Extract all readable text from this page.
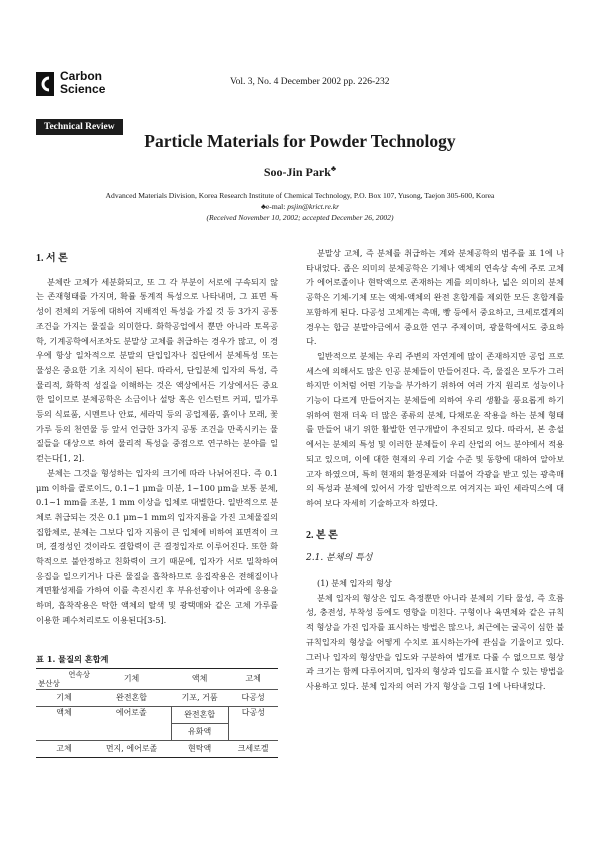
Carbon
Science	Vol. 3, No. 4 December 2002 pp. 226-232
Technical Review
Particle Materials for Powder Technology
Soo-Jin Park♣
Advanced Materials Division, Korea Research Institute of Chemical Technology, P.O. Box 107, Yusong, Taejon 305-600, Korea
♣e-mal: psjin@krict.re.kr
(Received November 10, 2002; accepted December 26, 2002)
1. 서 론

분체란 고체가 세분화되고, 또 그 각 부분이 서로에 구속되지 않는 존재형태를 가지며, 확률 통계적 특성으로 나타내며, 그 표면 특성이 전체의 거동에 대하여 지배적인 특성을 가질 것 등 3가지 공통 조건을 가지는 물질을 의미한다. 화학공업에서 뿐만 아니라 토목공학, 기계공학에서조차도 분말상 고체를 취급하는 경우가 많고, 이 경우에 항상 일차적으로 분말의 단입입자나 집단에서 분체특성 또는 물성은 중요한 기초 지식이 된다. 따라서, 단입분체 입자의 특성, 즉 물리적, 화학적 성질을 이해하는 것은 액상에서든 기상에서든 중요한 일이므로 분체공학은 소금이나 설탕 혹은 인스턴트 커피, 밀가루 등의 식료품, 시멘트나 안료, 세라믹 등의 공업제품, 흙이나 모래, 꽃가루 등의 천연물 등 앞서 언급한 3가지 공통 조건을 만족시키는 물질들을 대상으로 하여 물리적 특성을 중점으로 연구하는 분야를 일컫는다[1, 2].

분체는 그것을 형성하는 입자의 크기에 따라 나뉘어진다. 즉 0.1 μm 이하를 콜로이드, 0.1~1 μm을 미분, 1~100 μm을 보통 분체, 0.1~1 mm를 조분, 1 mm 이상을 입체로 대별한다. 일반적으로 분체로 취급되는 것은 0.1 μm~1 mm의 입자지름을 가진 고체물질의 집합체로, 분체는 그보다 입자 지름이 큰 입체에 비하여 표면적이 크며, 결정성인 것이라도 결합력이 큰 결정입자로 이루어진다. 또한 화학적으로 불안정하고 친화력이 크기 때문에, 입자가 서로 밀착하여 응집을 일으키거나 다른 물질을 흡착하므로 응집작용은 전해질이나 계면활성제를 가하여 이를 촉진시킨 후 부유선광이나 여과에 응용을 하며, 흡착작용은 탁한 액체의 탈색 및 광택매와 같은 고체 가루를 이용한 폐수처리로도 이용된다[3-5].

표 1. 물질의 혼합계
연속상
분산상	기체	액체	고체
기체	완전혼합	기포, 거품	다공성
액체	에어로졸	완전혼합	다공성
		유화액	
고체	먼지, 에어로졸	현탁액	크세로겔

분말상 고체, 즉 분체를 취급하는 계와 분체공학의 범주를 표 1에 나타내었다. 좁은 의미의 분체공학은 기체나 액체의 연속상 속에 주로 고체가 에어로졸이나 현탁액으로 존재하는 계를 의미하나, 넓은 의미의 분체공학은 기체-기체 또는 액체-액체의 완전 혼합계를 제외한 모든 혼합계를 포함하게 된다. 다공성 고체계는 촉매, 빵 등에서 중요하고, 크세로겔계의 경우는 합금 분말야금에서 중요한 연구 주제이며, 광물학에서도 중요하다.

일반적으로 분체는 우리 주변의 자연계에 많이 존재하지만 공업 프로세스에 의해서도 많은 인공 분체들이 만들어진다. 즉, 물질은 모두가 그러하지만 이처럼 어떤 기능을 부가하기 위하여 여러 가지 원리로 성능이나 기능이 다르게 만들어지는 분체들에 의하여 우리 생활을 풍요롭게 하기 위하여 현재 더욱 더 많은 종류의 분체, 다채로운 작용을 하는 분체 형태를 만들어 내기 위한 활발한 연구개발이 추진되고 있다. 따라서, 본 총설에서는 분체의 특성 및 이러한 분체들이 우리 산업의 어느 분야에서 적용되고 있으며, 이에 대한 현재의 우리 기술 수준 및 동향에 대하여 알아보고자 하였으며, 특히 현재의 환경문제와 더불어 각광을 받고 있는 광촉매의 특성과 분체에 있어서 가장 일반적으로 여겨지는 파인 세라믹스에 대하여 보다 자세히 기술하고자 하였다.

2. 본 론
2.1. 분체의 특성
(1) 분체 입자의 형상

분체 입자의 형상은 입도 측정뿐만 아니라 분체의 기타 물성, 즉 흐름성, 충전성, 부착성 등에도 영향을 미친다. 구형이나 육면체와 같은 규칙적 형상을 가진 입자를 표시하는 방법은 많으나, 최근에는 굴곡이 심한 불규칙입자의 형상을 어떻게 수치로 표시하는가에 관심을 기울이고 있다. 그러나 입자의 형상만을 입도와 구분하여 별개로 다룰 수 없으므로 형상과 크기는 함께 다루어지며, 입자의 형상과 입도를 표시할 수 있는 방법을 사용하고 있다. 분체 입자의 여러 가지 형상을 그림 1에 나타내었다.
